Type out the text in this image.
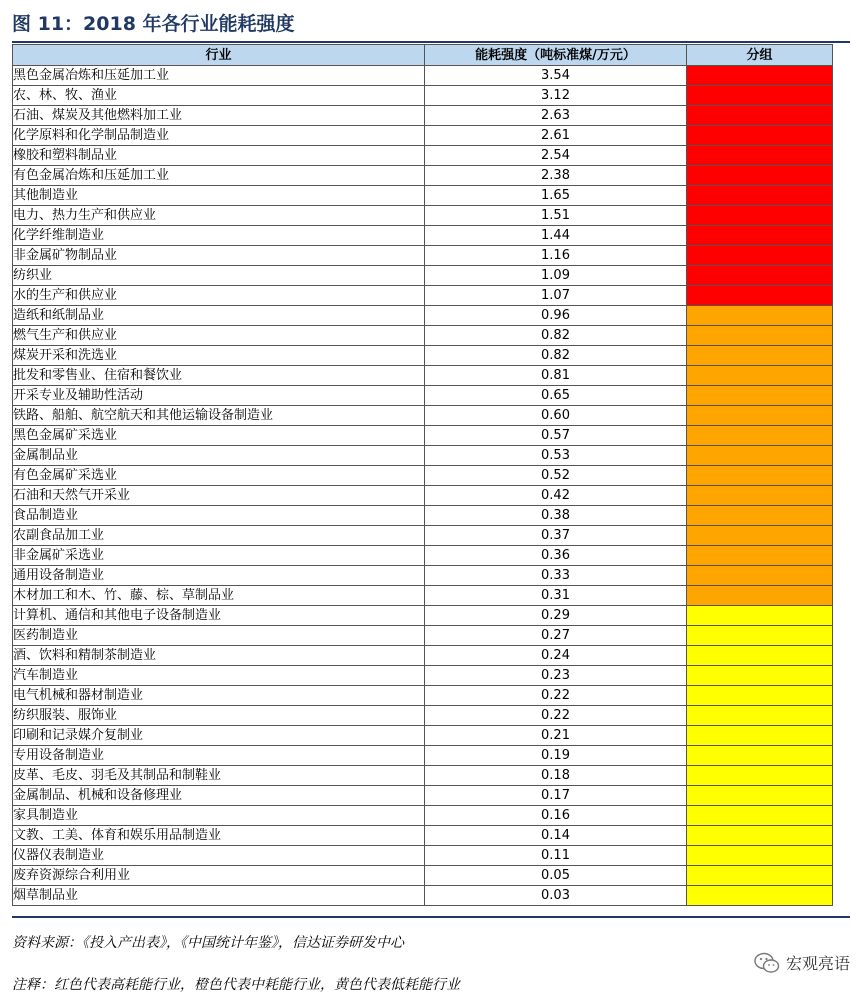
图 11：2018 年各行业能耗强度
行业	能耗强度（吨标准煤/万元）	分组
黑色金属冶炼和压延加工业	3.54	
农、林、牧、渔业	3.12	
石油、煤炭及其他燃料加工业	2.63	
化学原料和化学制品制造业	2.61	
橡胶和塑料制品业	2.54	
有色金属冶炼和压延加工业	2.38	
其他制造业	1.65	
电力、热力生产和供应业	1.51	
化学纤维制造业	1.44	
非金属矿物制品业	1.16	
纺织业	1.09	
水的生产和供应业	1.07	
造纸和纸制品业	0.96	
燃气生产和供应业	0.82	
煤炭开采和洗选业	0.82	
批发和零售业、住宿和餐饮业	0.81	
开采专业及辅助性活动	0.65	
铁路、船舶、航空航天和其他运输设备制造业	0.60	
黑色金属矿采选业	0.57	
金属制品业	0.53	
有色金属矿采选业	0.52	
石油和天然气开采业	0.42	
食品制造业	0.38	
农副食品加工业	0.37	
非金属矿采选业	0.36	
通用设备制造业	0.33	
木材加工和木、竹、藤、棕、草制品业	0.31	
计算机、通信和其他电子设备制造业	0.29	
医药制造业	0.27	
酒、饮料和精制茶制造业	0.24	
汽车制造业	0.23	
电气机械和器材制造业	0.22	
纺织服装、服饰业	0.22	
印刷和记录媒介复制业	0.21	
专用设备制造业	0.19	
皮革、毛皮、羽毛及其制品和制鞋业	0.18	
金属制品、机械和设备修理业	0.17	
家具制造业	0.16	
文教、工美、体育和娱乐用品制造业	0.14	
仪器仪表制造业	0.11	
废弃资源综合利用业	0.05	
烟草制品业	0.03	
资料来源：《投入产出表》，《中国统计年鉴》，信达证券研发中心
注释：红色代表高耗能行业，橙色代表中耗能行业，黄色代表低耗能行业
宏观亮语
